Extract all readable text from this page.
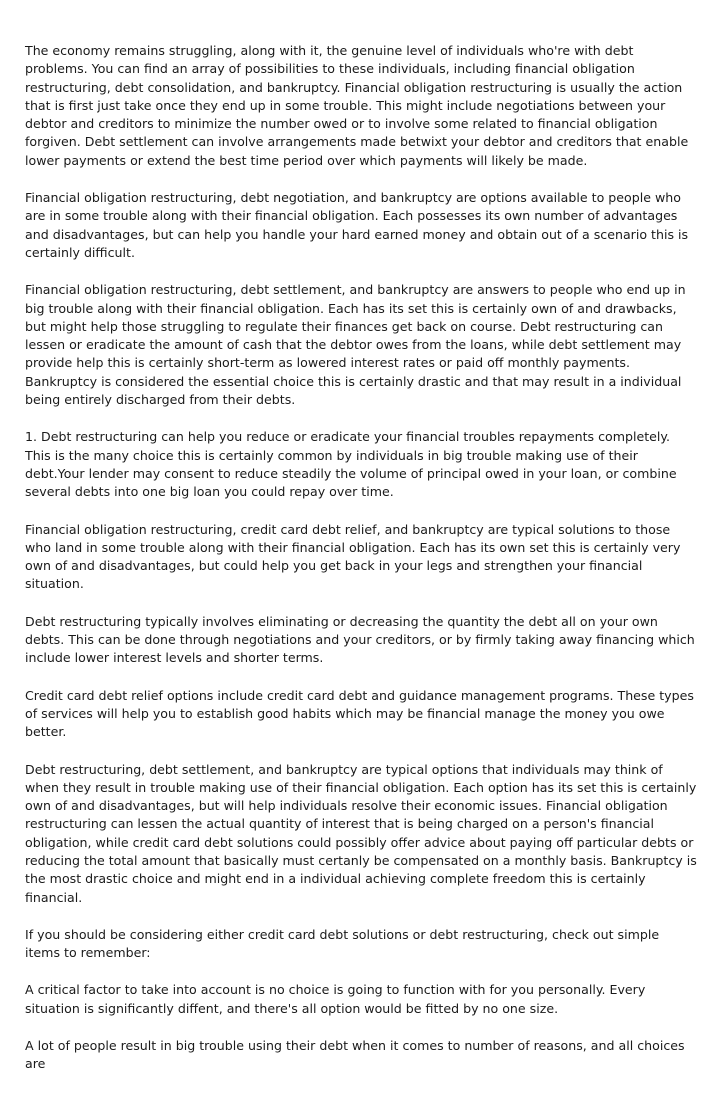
The economy remains struggling, along with it, the genuine level of individuals who're with debt problems. You can find an array of possibilities to these individuals, including financial obligation restructuring, debt consolidation, and bankruptcy. Financial obligation restructuring is usually the action that is first just take once they end up in some trouble. This might include negotiations between your debtor and creditors to minimize the number owed or to involve some related to financial obligation forgiven. Debt settlement can involve arrangements made betwixt your debtor and creditors that enable lower payments or extend the best time period over which payments will likely be made.

Financial obligation restructuring, debt negotiation, and bankruptcy are options available to people who are in some trouble along with their financial obligation. Each possesses its own number of advantages and disadvantages, but can help you handle your hard earned money and obtain out of a scenario this is certainly difficult.

Financial obligation restructuring, debt settlement, and bankruptcy are answers to people who end up in big trouble along with their financial obligation. Each has its set this is certainly own of and drawbacks, but might help those struggling to regulate their finances get back on course. Debt restructuring can lessen or eradicate the amount of cash that the debtor owes from the loans, while debt settlement may provide help this is certainly short-term as lowered interest rates or paid off monthly payments. Bankruptcy is considered the essential choice this is certainly drastic and that may result in a individual being entirely discharged from their debts.

1. Debt restructuring can help you reduce or eradicate your financial troubles repayments completely. This is the many choice this is certainly common by individuals in big trouble making use of their debt.Your lender may consent to reduce steadily the volume of principal owed in your loan, or combine several debts into one big loan you could repay over time.

Financial obligation restructuring, credit card debt relief, and bankruptcy are typical solutions to those who land in some trouble along with their financial obligation. Each has its own set this is certainly very own of and disadvantages, but could help you get back in your legs and strengthen your financial situation.

Debt restructuring typically involves eliminating or decreasing the quantity the debt all on your own debts. This can be done through negotiations and your creditors, or by firmly taking away financing which include lower interest levels and shorter terms.

Credit card debt relief options include credit card debt and guidance management programs. These types of services will help you to establish good habits which may be financial manage the money you owe better.

Debt restructuring, debt settlement, and bankruptcy are typical options that individuals may think of when they result in trouble making use of their financial obligation. Each option has its set this is certainly own of and disadvantages, but will help individuals resolve their economic issues. Financial obligation restructuring can lessen the actual quantity of interest that is being charged on a person's financial obligation, while credit card debt solutions could possibly offer advice about paying off particular debts or reducing the total amount that basically must certanly be compensated on a monthly basis. Bankruptcy is the most drastic choice and might end in a individual achieving complete freedom this is certainly financial.

If you should be considering either credit card debt solutions or debt restructuring, check out simple items to remember:

A critical factor to take into account is no choice is going to function with for you personally. Every situation is significantly diffent, and there's all option would be fitted by no one size.

A lot of people result in big trouble using their debt when it comes to number of reasons, and all choices are
